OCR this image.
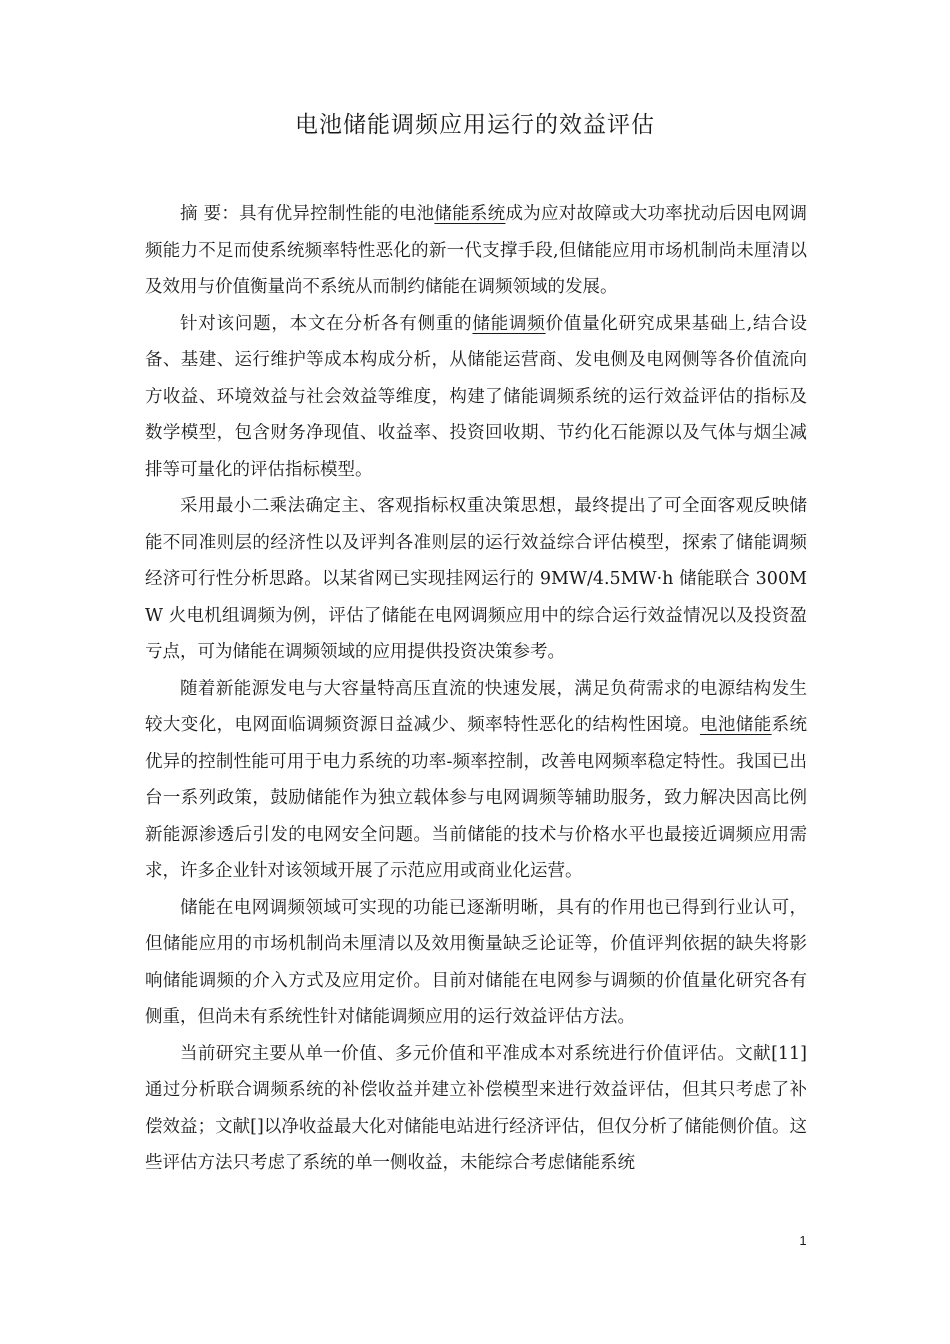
电池储能调频应用运行的效益评估

摘 要：具有优异控制性能的电池储能系统成为应对故障或大功率扰动后因电网调频能力不足而使系统频率特性恶化的新一代支撑手段,但储能应用市场机制尚未厘清以及效用与价值衡量尚不系统从而制约储能在调频领域的发展。

针对该问题，本文在分析各有侧重的储能调频价值量化研究成果基础上,结合设备、基建、运行维护等成本构成分析，从储能运营商、发电侧及电网侧等各价值流向方收益、环境效益与社会效益等维度，构建了储能调频系统的运行效益评估的指标及数学模型，包含财务净现值、收益率、投资回收期、节约化石能源以及气体与烟尘减排等可量化的评估指标模型。

采用最小二乘法确定主、客观指标权重决策思想，最终提出了可全面客观反映储能不同准则层的经济性以及评判各准则层的运行效益综合评估模型，探索了储能调频经济可行性分析思路。以某省网已实现挂网运行的 9MW/4.5MW·h 储能联合 300MW 火电机组调频为例，评估了储能在电网调频应用中的综合运行效益情况以及投资盈亏点，可为储能在调频领域的应用提供投资决策参考。

随着新能源发电与大容量特高压直流的快速发展，满足负荷需求的电源结构发生较大变化，电网面临调频资源日益减少、频率特性恶化的结构性困境。电池储能系统优异的控制性能可用于电力系统的功率-频率控制，改善电网频率稳定特性。我国已出台一系列政策，鼓励储能作为独立载体参与电网调频等辅助服务，致力解决因高比例新能源渗透后引发的电网安全问题。当前储能的技术与价格水平也最接近调频应用需求，许多企业针对该领域开展了示范应用或商业化运营。

储能在电网调频领域可实现的功能已逐渐明晰，具有的作用也已得到行业认可，但储能应用的市场机制尚未厘清以及效用衡量缺乏论证等，价值评判依据的缺失将影响储能调频的介入方式及应用定价。目前对储能在电网参与调频的价值量化研究各有侧重，但尚未有系统性针对储能调频应用的运行效益评估方法。

当前研究主要从单一价值、多元价值和平准成本对系统进行价值评估。文献[11]通过分析联合调频系统的补偿收益并建立补偿模型来进行效益评估，但其只考虑了补偿效益；文献[]以净收益最大化对储能电站进行经济评估，但仅分析了储能侧价值。这些评估方法只考虑了系统的单一侧收益，未能综合考虑储能系统

1
